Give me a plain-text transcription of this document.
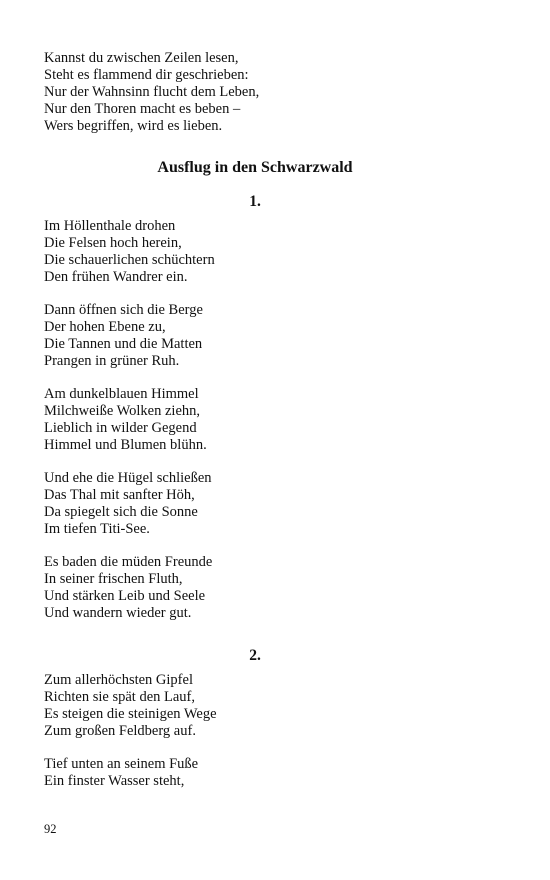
Kannst du zwischen Zeilen lesen,
Steht es flammend dir geschrieben:
Nur der Wahnsinn flucht dem Leben,
Nur den Thoren macht es beben –
Wers begriffen, wird es lieben.
Ausflug in den Schwarzwald
1.
Im Höllenthale drohen
Die Felsen hoch herein,
Die schauerlichen schüchtern
Den frühen Wandrer ein.
Dann öffnen sich die Berge
Der hohen Ebene zu,
Die Tannen und die Matten
Prangen in grüner Ruh.
Am dunkelblauen Himmel
Milchweiße Wolken ziehn,
Lieblich in wilder Gegend
Himmel und Blumen blühn.
Und ehe die Hügel schließen
Das Thal mit sanfter Höh,
Da spiegelt sich die Sonne
Im tiefen Titi-See.
Es baden die müden Freunde
In seiner frischen Fluth,
Und stärken Leib und Seele
Und wandern wieder gut.
2.
Zum allerhöchsten Gipfel
Richten sie spät den Lauf,
Es steigen die steinigen Wege
Zum großen Feldberg auf.
Tief unten an seinem Fuße
Ein finster Wasser steht,
92
